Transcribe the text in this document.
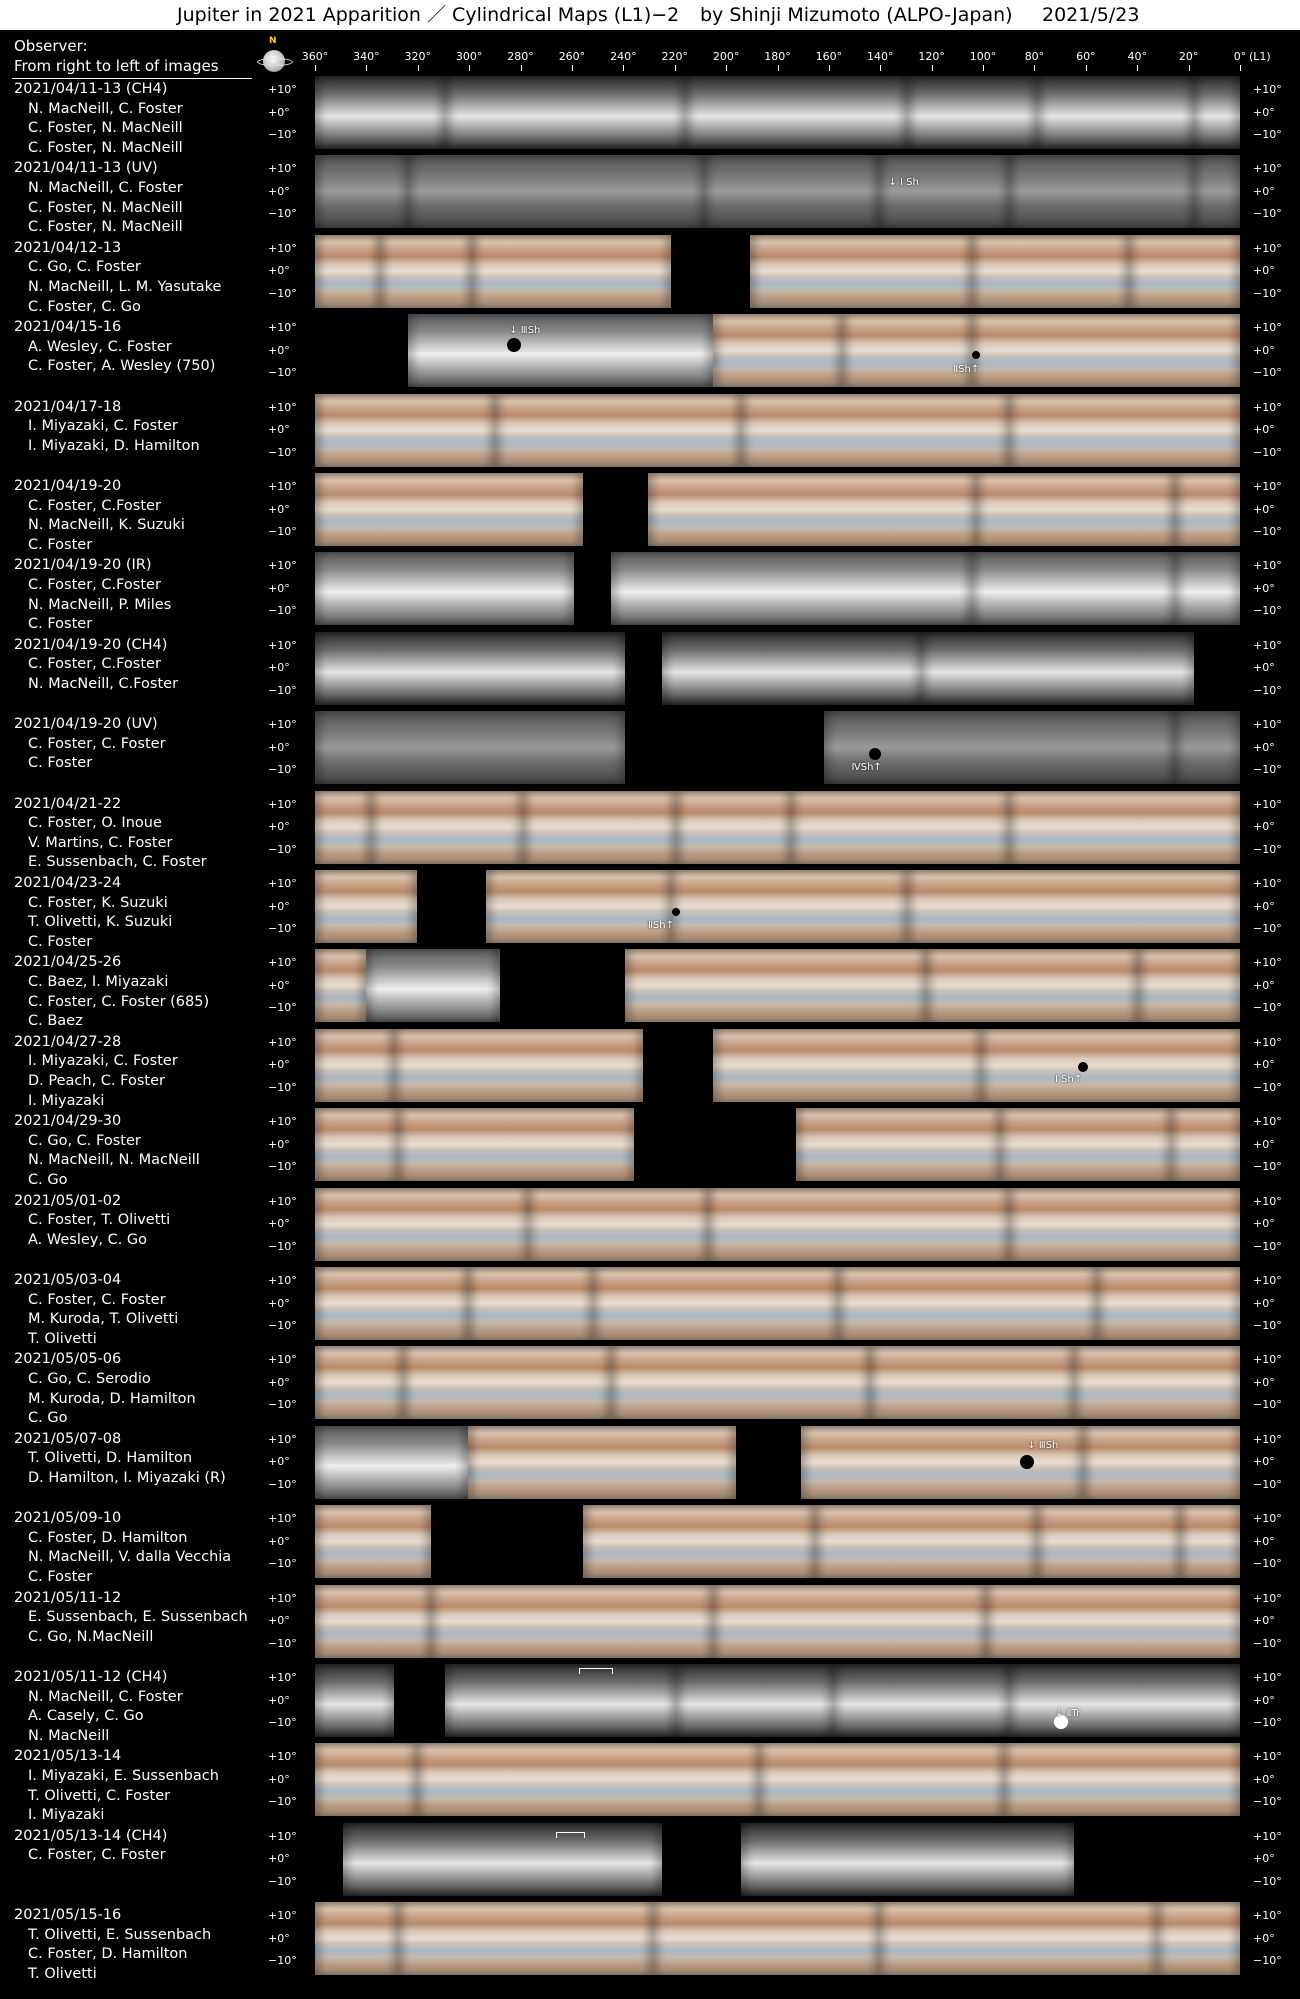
Jupiter in 2021 Apparition ／ Cylindrical Maps (L1)−2 by Shinji Mizumoto (ALPO-Japan) 2021/5/23
Observer:
From right to left of images
N
360° 340° 320° 300° 280° 260° 240° 220° 200° 180° 160° 140° 120° 100°	80°	60°	40°	20°	0° (L1)
2021/04/11-13 (CH4)
N. MacNeill, C. Foster
C. Foster, N. MacNeill
C. Foster, N. MacNeill
+10°
+0°
−10°
+10°
+0°
−10°
2021/04/11-13 (UV)
N. MacNeill, C. Foster
C. Foster, N. MacNeill
C. Foster, N. MacNeill
+10°
+0°
−10°
+10°
+0°
−10°
↓ Ⅰ Sh
2021/04/12-13
C. Go, C. Foster
N. MacNeill, L. M. Yasutake
C. Foster, C. Go
+10°
+0°
−10°
+10°
+0°
−10°
2021/04/15-16
A. Wesley, C. Foster
C. Foster, A. Wesley (750)
+10°
+0°
−10°
+10°
+0°
−10°
↓ ⅢSh
ⅡSh↑
2021/04/17-18
I. Miyazaki, C. Foster
I. Miyazaki, D. Hamilton
+10°
+0°
−10°
+10°
+0°
−10°
2021/04/19-20
C. Foster, C.Foster
N. MacNeill, K. Suzuki
C. Foster
+10°
+0°
−10°
+10°
+0°
−10°
2021/04/19-20 (IR)
C. Foster, C.Foster
N. MacNeill, P. Miles
C. Foster
+10°
+0°
−10°
+10°
+0°
−10°
2021/04/19-20 (CH4)
C. Foster, C.Foster
N. MacNeill, C.Foster
+10°
+0°
−10°
+10°
+0°
−10°
2021/04/19-20 (UV)
C. Foster, C. Foster
C. Foster
+10°
+0°
−10°
+10°
+0°
−10°
ⅣSh↑
2021/04/21-22
C. Foster, O. Inoue
V. Martins, C. Foster
E. Sussenbach, C. Foster
+10°
+0°
−10°
+10°
+0°
−10°
2021/04/23-24
C. Foster, K. Suzuki
T. Olivetti, K. Suzuki
C. Foster
+10°
+0°
−10°
+10°
+0°
−10°
ⅡSh↑
2021/04/25-26
C. Baez, I. Miyazaki
C. Foster, C. Foster (685)
C. Baez
+10°
+0°
−10°
+10°
+0°
−10°
2021/04/27-28
I. Miyazaki, C. Foster
D. Peach, C. Foster
I. Miyazaki
+10°
+0°
−10°
+10°
+0°
−10°
Ⅰ Sh↑
2021/04/29-30
C. Go, C. Foster
N. MacNeill, N. MacNeill
C. Go
+10°
+0°
−10°
+10°
+0°
−10°
2021/05/01-02
C. Foster, T. Olivetti
A. Wesley, C. Go
+10°
+0°
−10°
+10°
+0°
−10°
2021/05/03-04
C. Foster, C. Foster
M. Kuroda, T. Olivetti
T. Olivetti
+10°
+0°
−10°
+10°
+0°
−10°
2021/05/05-06
C. Go, C. Serodio
M. Kuroda, D. Hamilton
C. Go
+10°
+0°
−10°
+10°
+0°
−10°
2021/05/07-08
T. Olivetti, D. Hamilton
D. Hamilton, I. Miyazaki (R)
+10°
+0°
−10°
+10°
+0°
−10°
↓ ⅢSh
2021/05/09-10
C. Foster, D. Hamilton
N. MacNeill, V. dalla Vecchia
C. Foster
+10°
+0°
−10°
+10°
+0°
−10°
2021/05/11-12
E. Sussenbach, E. Sussenbach
C. Go, N.MacNeill
+10°
+0°
−10°
+10°
+0°
−10°
2021/05/11-12 (CH4)
N. MacNeill, C. Foster
A. Casely, C. Go
N. MacNeill
+10°
+0°
−10°
+10°
+0°
−10°
↓ ⅡTr
2021/05/13-14
I. Miyazaki, E. Sussenbach
T. Olivetti, C. Foster
I. Miyazaki
+10°
+0°
−10°
+10°
+0°
−10°
2021/05/13-14 (CH4)
C. Foster, C. Foster
+10°
+0°
−10°
+10°
+0°
−10°
2021/05/15-16
T. Olivetti, E. Sussenbach
C. Foster, D. Hamilton
T. Olivetti
+10°
+0°
−10°
+10°
+0°
−10°
